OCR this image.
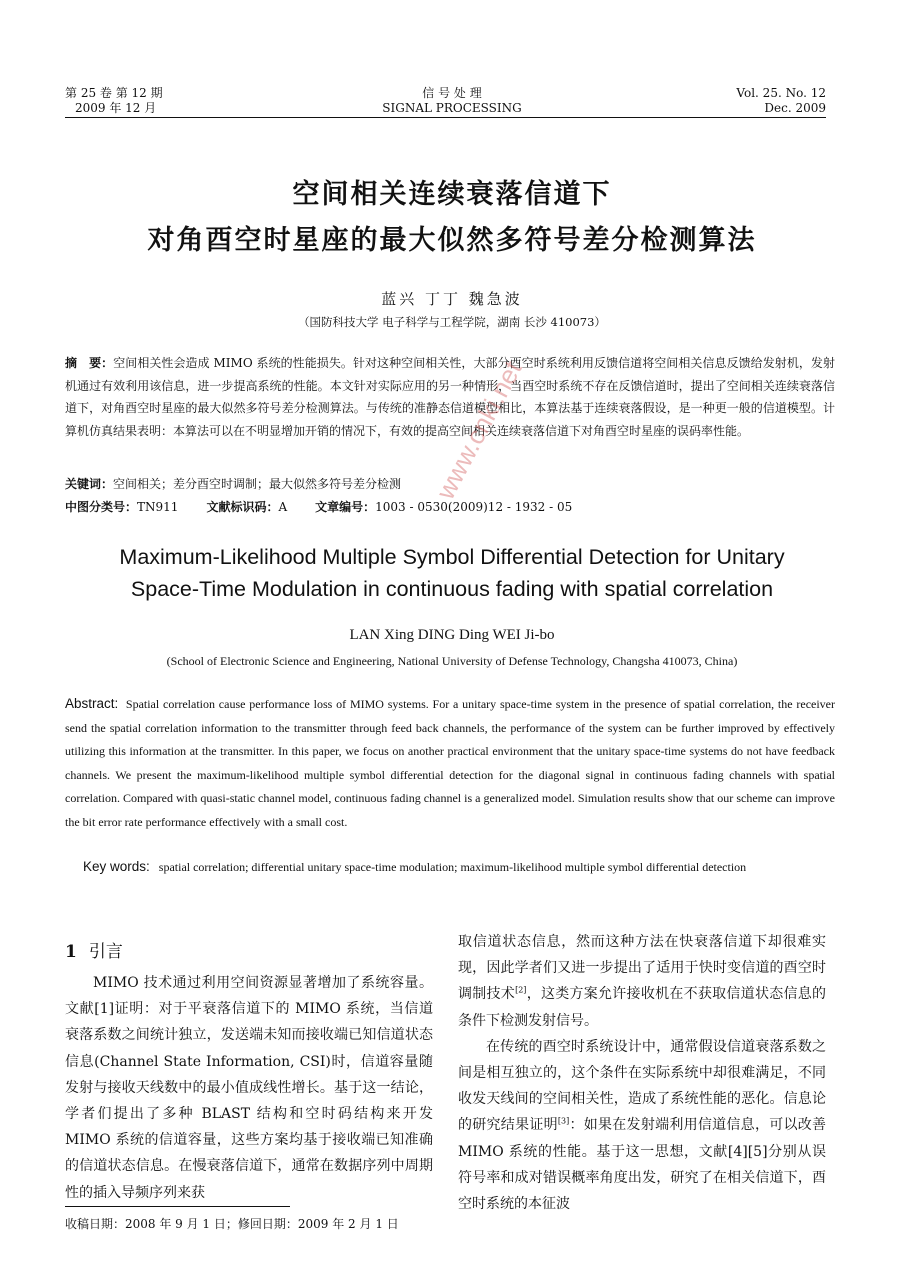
第 25 卷 第 12 期
2009 年 12 月
信 号 处 理
SIGNAL PROCESSING
Vol. 25. No. 12
Dec. 2009
空间相关连续衰落信道下
对角酉空时星座的最大似然多符号差分检测算法
蓝兴 丁丁 魏急波
（国防科技大学 电子科学与工程学院，湖南 长沙 410073）
摘　要：空间相关性会造成 MIMO 系统的性能损失。针对这种空间相关性，大部分酉空时系统利用反馈信道将空间相关信息反馈给发射机，发射机通过有效利用该信息，进一步提高系统的性能。本文针对实际应用的另一种情形，当酉空时系统不存在反馈信道时，提出了空间相关连续衰落信道下，对角酉空时星座的最大似然多符号差分检测算法。与传统的准静态信道模型相比，本算法基于连续衰落假设，是一种更一般的信道模型。计算机仿真结果表明：本算法可以在不明显增加开销的情况下，有效的提高空间相关连续衰落信道下对角酉空时星座的误码率性能。
关键词：空间相关；差分酉空时调制；最大似然多符号差分检测
中图分类号：TN911 文献标识码：A 文章编号：1003 - 0530(2009)12 - 1932 - 05
Maximum-Likelihood Multiple Symbol Differential Detection for Unitary
Space-Time Modulation in continuous fading with spatial correlation
LAN Xing DING Ding WEI Ji-bo
(School of Electronic Science and Engineering, National University of Defense Technology, Changsha 410073, China)
Abstract: Spatial correlation cause performance loss of MIMO systems. For a unitary space-time system in the presence of spatial correlation, the receiver send the spatial correlation information to the transmitter through feed back channels, the performance of the system can be further improved by effectively utilizing this information at the transmitter. In this paper, we focus on another practical environment that the unitary space-time systems do not have feedback channels. We present the maximum-likelihood multiple symbol differential detection for the diagonal signal in continuous fading channels with spatial correlation. Compared with quasi-static channel model, continuous fading channel is a generalized model. Simulation results show that our scheme can improve the bit error rate performance effectively with a small cost.
Key words: spatial correlation; differential unitary space-time modulation; maximum-likelihood multiple symbol differential detection
1 引言

MIMO 技术通过利用空间资源显著增加了系统容量。文献[1]证明：对于平衰落信道下的 MIMO 系统，当信道衰落系数之间统计独立，发送端未知而接收端已知信道状态信息(Channel State Information, CSI)时，信道容量随发射与接收天线数中的最小值成线性增长。基于这一结论，学者们提出了多种 BLAST 结构和空时码结构来开发 MIMO 系统的信道容量，这些方案均基于接收端已知准确的信道状态信息。在慢衰落信道下，通常在数据序列中周期性的插入导频序列来获

取信道状态信息，然而这种方法在快衰落信道下却很难实现，因此学者们又进一步提出了适用于快时变信道的酉空时调制技术[2]，这类方案允许接收机在不获取信道状态信息的条件下检测发射信号。

在传统的酉空时系统设计中，通常假设信道衰落系数之间是相互独立的，这个条件在实际系统中却很难满足，不同收发天线间的空间相关性，造成了系统性能的恶化。信息论的研究结果证明[3]：如果在发射端利用信道信息，可以改善 MIMO 系统的性能。基于这一思想，文献[4][5]分别从误符号率和成对错误概率角度出发，研究了在相关信道下，酉空时系统的本征波

收稿日期：2008 年 9 月 1 日；修回日期：2009 年 2 月 1 日
www.cnki.net
